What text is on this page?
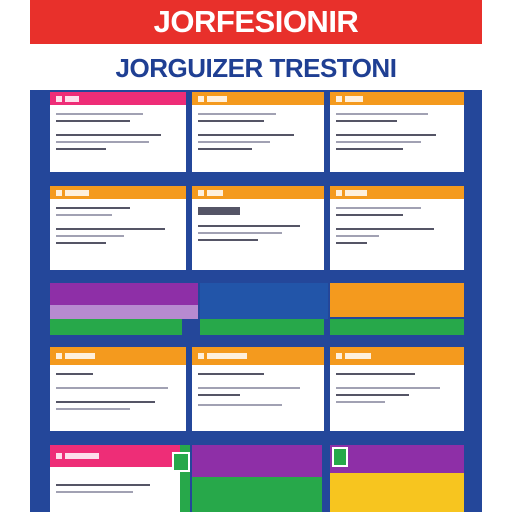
JORFESIONIR
JORGUIZER TRESTONI
